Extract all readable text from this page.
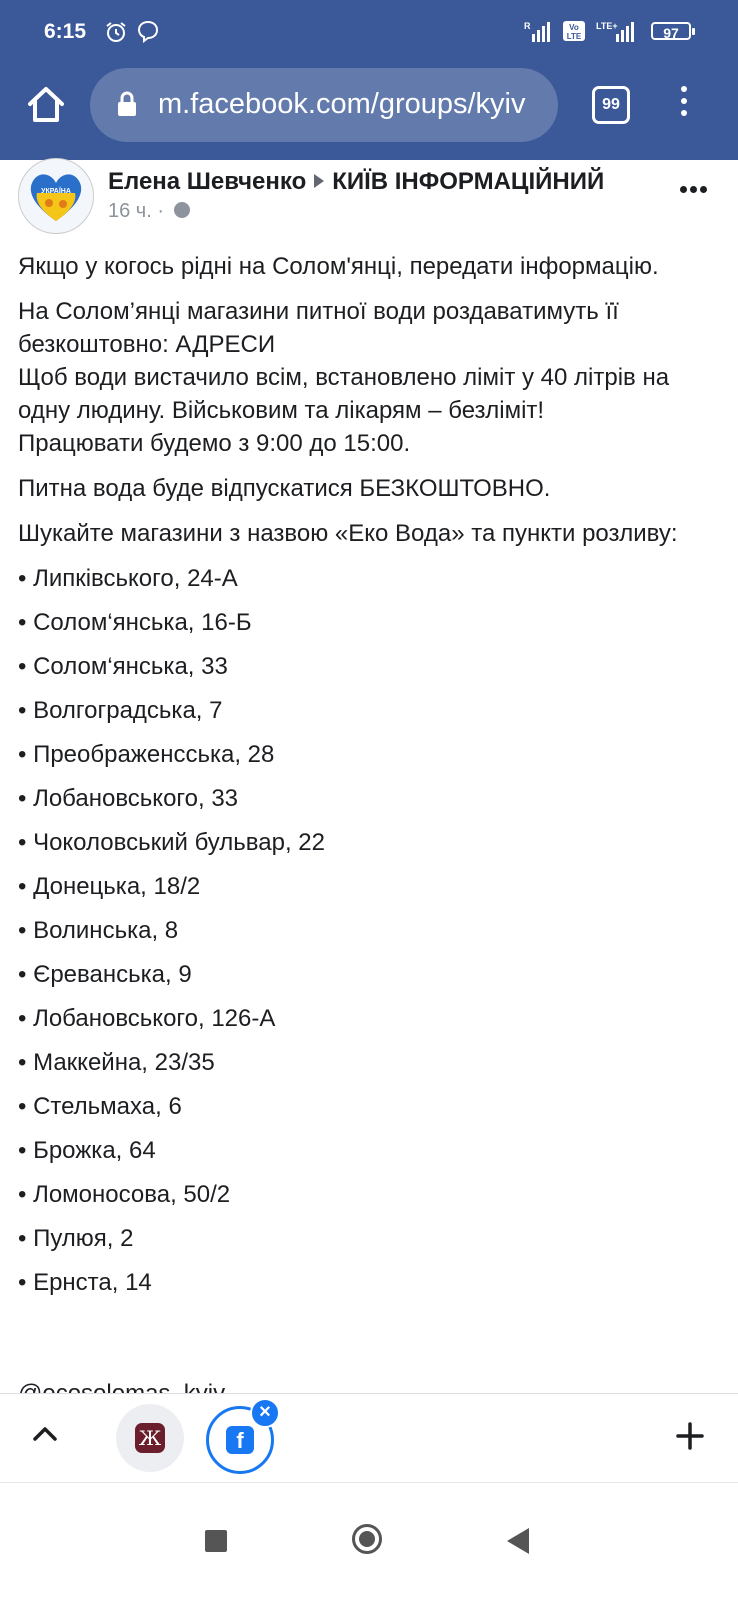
6:15	R	Vo
LTE
LTE+	97
m.facebook.com/groups/kyiv	99
УКРАЇНА Елена Шевченко КИЇВ ІНФОРМАЦІЙНИЙ
16 ч. ·

Якщо у когось рідні на Солом'янці, передати інформацію.

На Солом’янці магазини питної води роздаватимуть її безкоштовно: АДРЕСИ
Щоб води вистачило всім, встановлено ліміт у 40 літрів на одну людину. Військовим та лікарям – безліміт!
Працювати будемо з 9:00 до 15:00.

Питна вода буде відпускатися БЕЗКОШТОВНО.

Шукайте магазини з назвою «Еко Вода» та пункти розливу:

• Липківського, 24-А
• Солом‘янська, 16-Б
• Солом‘янська, 33
• Волгоградська, 7
• Преображенсська, 28
• Лобановського, 33
• Чоколовський бульвар, 22
• Донецька, 18/2
• Волинська, 8
• Єреванська, 9
• Лобановського, 126-А
• Маккейна, 23/35
• Стельмаха, 6
• Брожка, 64
• Ломоносова, 50/2
• Пулюя, 2
• Ернста, 14
Ж	f
×
